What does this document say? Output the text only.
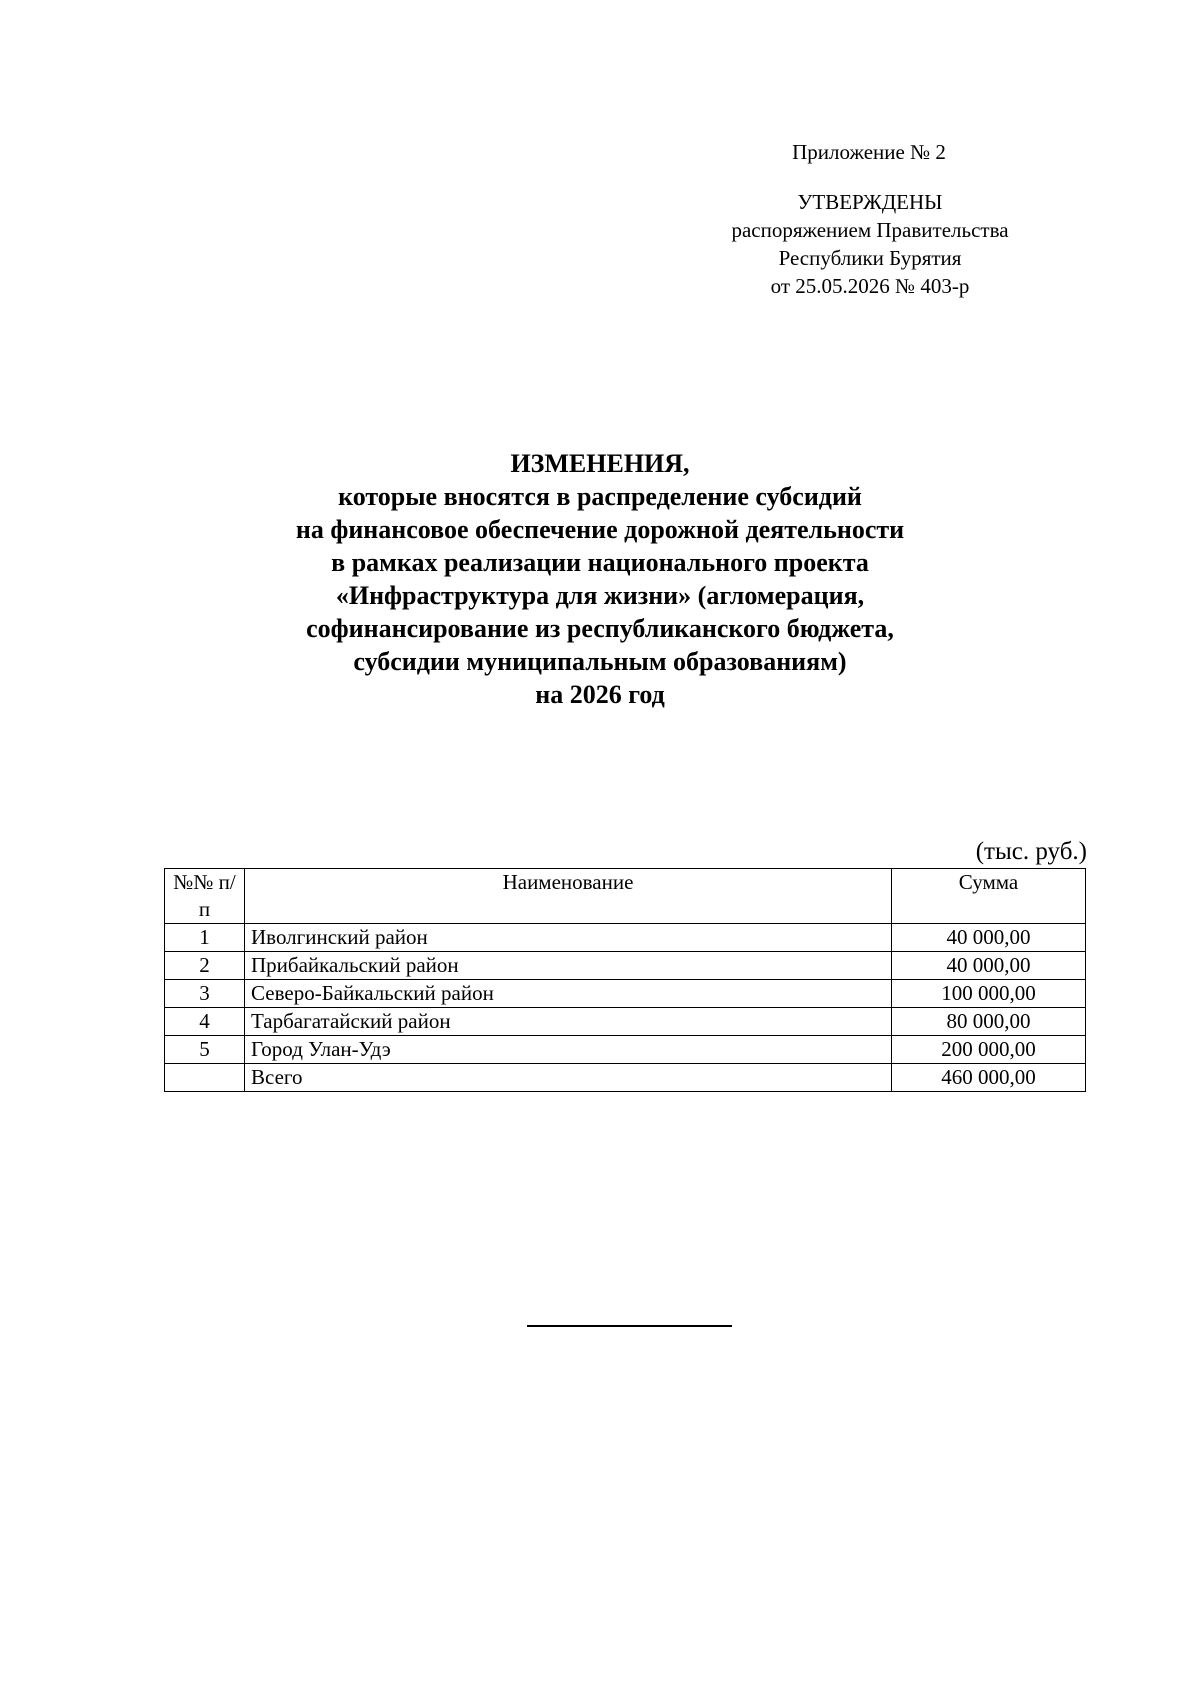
Приложение № 2
УТВЕРЖДЕНЫ
распоряжением Правительства
Республики Бурятия
от 25.05.2026 № 403-р
ИЗМЕНЕНИЯ,
которые вносятся в распределение субсидий
на финансовое обеспечение дорожной деятельности
в рамках реализации национального проекта
«Инфраструктура для жизни» (агломерация,
софинансирование из республиканского бюджета,
субсидии муниципальным образованиям)
на 2026 год
(тыс. руб.)
№№ п/п	Наименование	Сумма
1	Иволгинский район	40 000,00
2	Прибайкальский район	40 000,00
3	Северо-Байкальский район	100 000,00
4	Тарбагатайский район	80 000,00
5	Город Улан-Удэ	200 000,00
	Всего	460 000,00
